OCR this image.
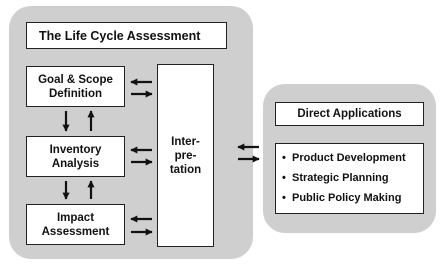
The Life Cycle Assessment
Goal & Scope
Definition
Inventory
Analysis
Impact
Assessment
Inter-
pre-
tation
Direct Applications
• Product Development
• Strategic Planning
• Public Policy Making
